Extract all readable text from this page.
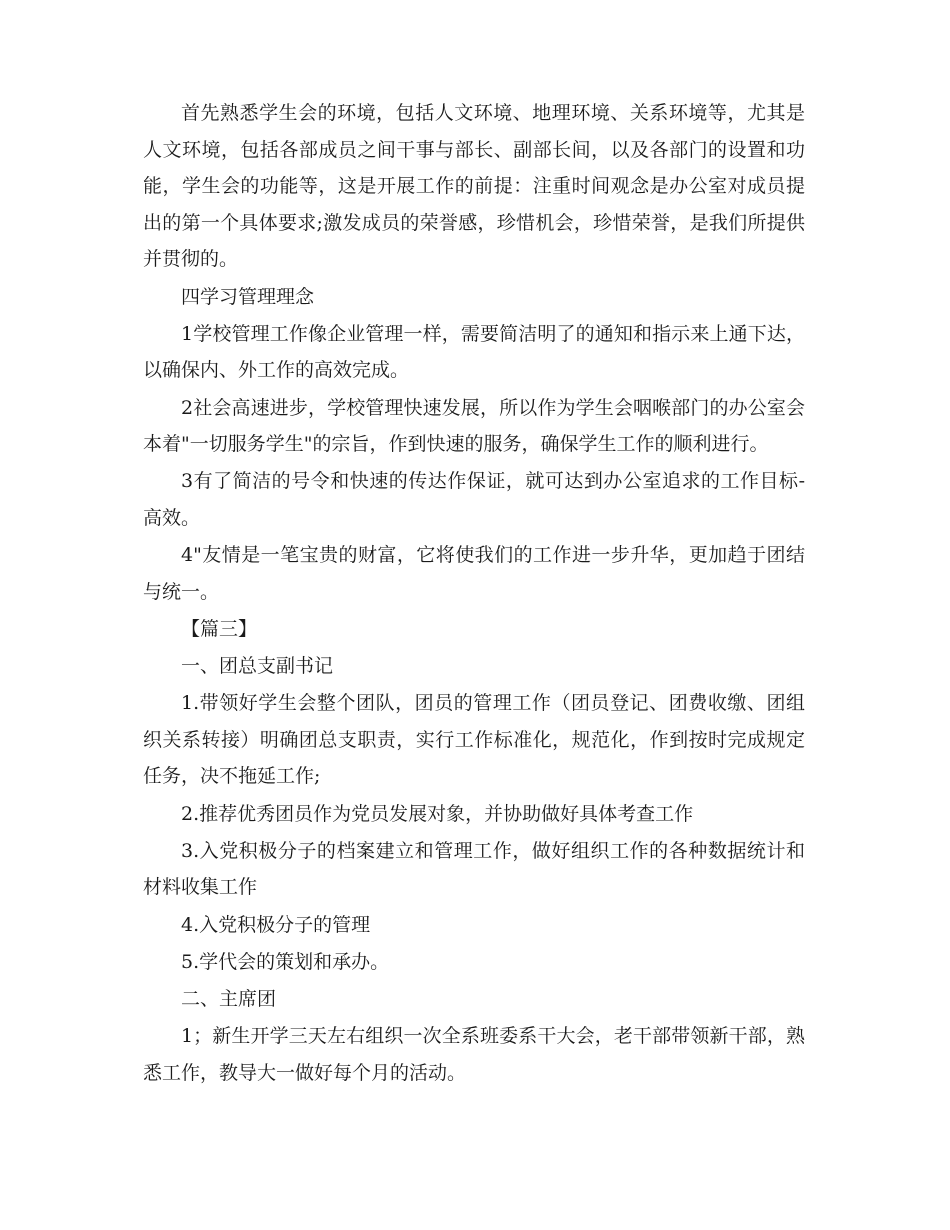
首先熟悉学生会的环境，包括人文环境、地理环境、关系环境等，尤其是人文环境，包括各部成员之间干事与部长、副部长间，以及各部门的设置和功能，学生会的功能等，这是开展工作的前提：注重时间观念是办公室对成员提出的第一个具体要求;激发成员的荣誉感，珍惜机会，珍惜荣誉，是我们所提供并贯彻的。

四学习管理理念

1学校管理工作像企业管理一样，需要简洁明了的通知和指示来上通下达，以确保内、外工作的高效完成。

2社会高速进步，学校管理快速发展，所以作为学生会咽喉部门的办公室会本着"一切服务学生"的宗旨，作到快速的服务，确保学生工作的顺利进行。

3有了简洁的号令和快速的传达作保证，就可达到办公室追求的工作目标-高效。

4"友情是一笔宝贵的财富，它将使我们的工作进一步升华，更加趋于团结与统一。

【篇三】

一、团总支副书记

1.带领好学生会整个团队，团员的管理工作（团员登记、团费收缴、团组织关系转接）明确团总支职责，实行工作标准化，规范化，作到按时完成规定任务，决不拖延工作;

2.推荐优秀团员作为党员发展对象，并协助做好具体考查工作

3.入党积极分子的档案建立和管理工作，做好组织工作的各种数据统计和材料收集工作

4.入党积极分子的管理

5.学代会的策划和承办。

二、主席团

1；新生开学三天左右组织一次全系班委系干大会，老干部带领新干部，熟悉工作，教导大一做好每个月的活动。
